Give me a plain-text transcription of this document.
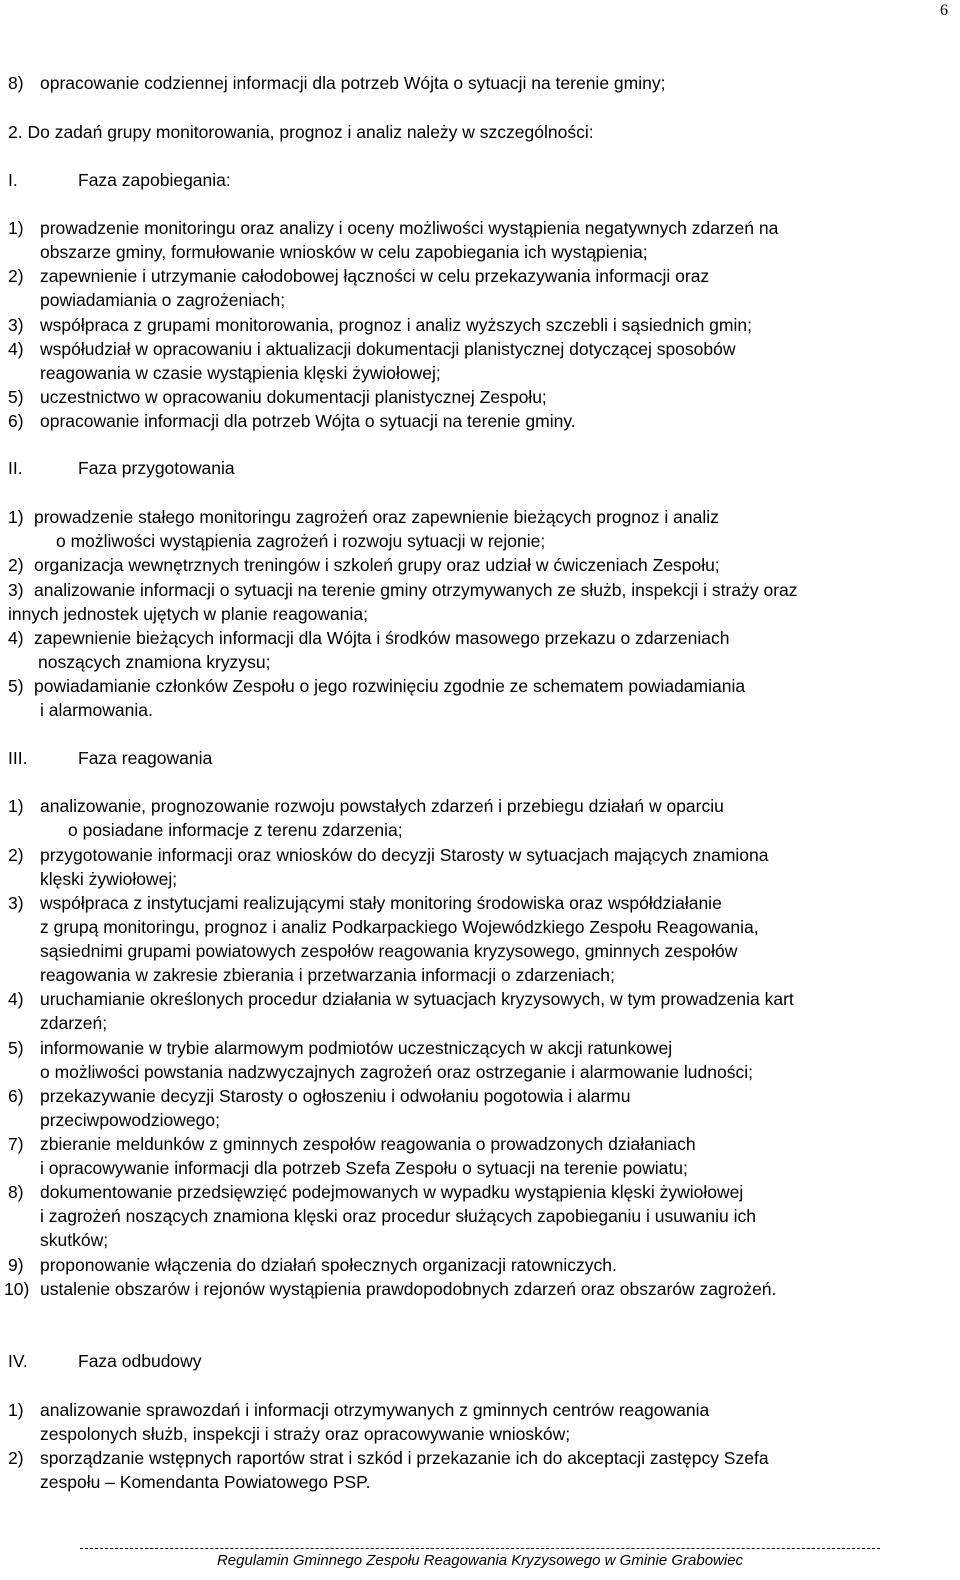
6
8) opracowanie codziennej informacji dla potrzeb Wójta o sytuacji na terenie gminy;
2. Do zadań grupy monitorowania, prognoz i analiz należy w szczególności:
I.	Faza zapobiegania:
1) prowadzenie monitoringu oraz analizy i oceny możliwości wystąpienia negatywnych zdarzeń na
obszarze gminy, formułowanie wniosków w celu zapobiegania ich wystąpienia;
2) zapewnienie i utrzymanie całodobowej łączności w celu przekazywania informacji oraz
powiadamiania o zagrożeniach;
3) współpraca z grupami monitorowania, prognoz i analiz wyższych szczebli i sąsiednich gmin;
4) współudział w opracowaniu i aktualizacji dokumentacji planistycznej dotyczącej sposobów
reagowania w czasie wystąpienia klęski żywiołowej;
5) uczestnictwo w opracowaniu dokumentacji planistycznej Zespołu;
6) opracowanie informacji dla potrzeb Wójta o sytuacji na terenie gminy.
II.	Faza przygotowania
1) prowadzenie stałego monitoringu zagrożeń oraz zapewnienie bieżących prognoz i analiz
o możliwości wystąpienia zagrożeń i rozwoju sytuacji w rejonie;
2) organizacja wewnętrznych treningów i szkoleń grupy oraz udział w ćwiczeniach Zespołu;
3) analizowanie informacji o sytuacji na terenie gminy otrzymywanych ze służb, inspekcji i straży oraz
innych jednostek ujętych w planie reagowania;
4) zapewnienie bieżących informacji dla Wójta i środków masowego przekazu o zdarzeniach
noszących znamiona kryzysu;
5) powiadamianie członków Zespołu o jego rozwinięciu zgodnie ze schematem powiadamiania
i alarmowania.
III.	Faza reagowania
1) analizowanie, prognozowanie rozwoju powstałych zdarzeń i przebiegu działań w oparciu
o posiadane informacje z terenu zdarzenia;
2) przygotowanie informacji oraz wniosków do decyzji Starosty w sytuacjach mających znamiona
klęski żywiołowej;
3) współpraca z instytucjami realizującymi stały monitoring środowiska oraz współdziałanie
z grupą monitoringu, prognoz i analiz Podkarpackiego Wojewódzkiego Zespołu Reagowania,
sąsiednimi grupami powiatowych zespołów reagowania kryzysowego, gminnych zespołów
reagowania w zakresie zbierania i przetwarzania informacji o zdarzeniach;
4) uruchamianie określonych procedur działania w sytuacjach kryzysowych, w tym prowadzenia kart
zdarzeń;
5) informowanie w trybie alarmowym podmiotów uczestniczących w akcji ratunkowej
o możliwości powstania nadzwyczajnych zagrożeń oraz ostrzeganie i alarmowanie ludności;
6) przekazywanie decyzji Starosty o ogłoszeniu i odwołaniu pogotowia i alarmu
przeciwpowodziowego;
7) zbieranie meldunków z gminnych zespołów reagowania o prowadzonych działaniach
i opracowywanie informacji dla potrzeb Szefa Zespołu o sytuacji na terenie powiatu;
8) dokumentowanie przedsięwzięć podejmowanych w wypadku wystąpienia klęski żywiołowej
i zagrożeń noszących znamiona klęski oraz procedur służących zapobieganiu i usuwaniu ich
skutków;
9) proponowanie włączenia do działań społecznych organizacji ratowniczych.
10) ustalenie obszarów i rejonów wystąpienia prawdopodobnych zdarzeń oraz obszarów zagrożeń.
IV.	Faza odbudowy
1) analizowanie sprawozdań i informacji otrzymywanych z gminnych centrów reagowania
zespolonych służb, inspekcji i straży oraz opracowywanie wniosków;
2) sporządzanie wstępnych raportów strat i szkód i przekazanie ich do akceptacji zastępcy Szefa
zespołu – Komendanta Powiatowego PSP.
Regulamin Gminnego Zespołu Reagowania Kryzysowego w Gminie Grabowiec
